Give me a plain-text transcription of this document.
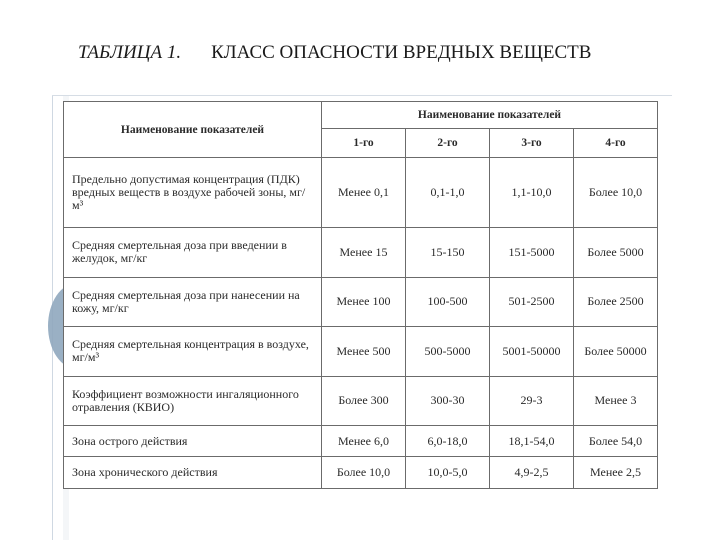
ТАБЛИЦА 1. КЛАСС ОПАСНОСТИ ВРЕДНЫХ ВЕЩЕСТВ
Наименование показателей	Наименование показателей			
	1-го	2-го	3-го	4-го
Предельно допустимая концентрация (ПДК) вредных веществ в воздухе рабочей зоны, мг/м³	Менее 0,1	0,1-1,0	1,1-10,0	Более 10,0
Средняя смертельная доза при введении в желудок, мг/кг	Менее 15	15-150	151-5000	Более 5000
Средняя смертельная доза при нанесении на кожу, мг/кг	Менее 100	100-500	501-2500	Более 2500
Средняя смертельная концентрация в воздухе, мг/м³	Менее 500	500-5000	5001-50000	Более 50000
Коэффициент возможности ингаляционного отравления (КВИО)	Более 300	300-30	29-3	Менее 3
Зона острого действия	Менее 6,0	6,0-18,0	18,1-54,0	Более 54,0
Зона хронического действия	Более 10,0	10,0-5,0	4,9-2,5	Менее 2,5
